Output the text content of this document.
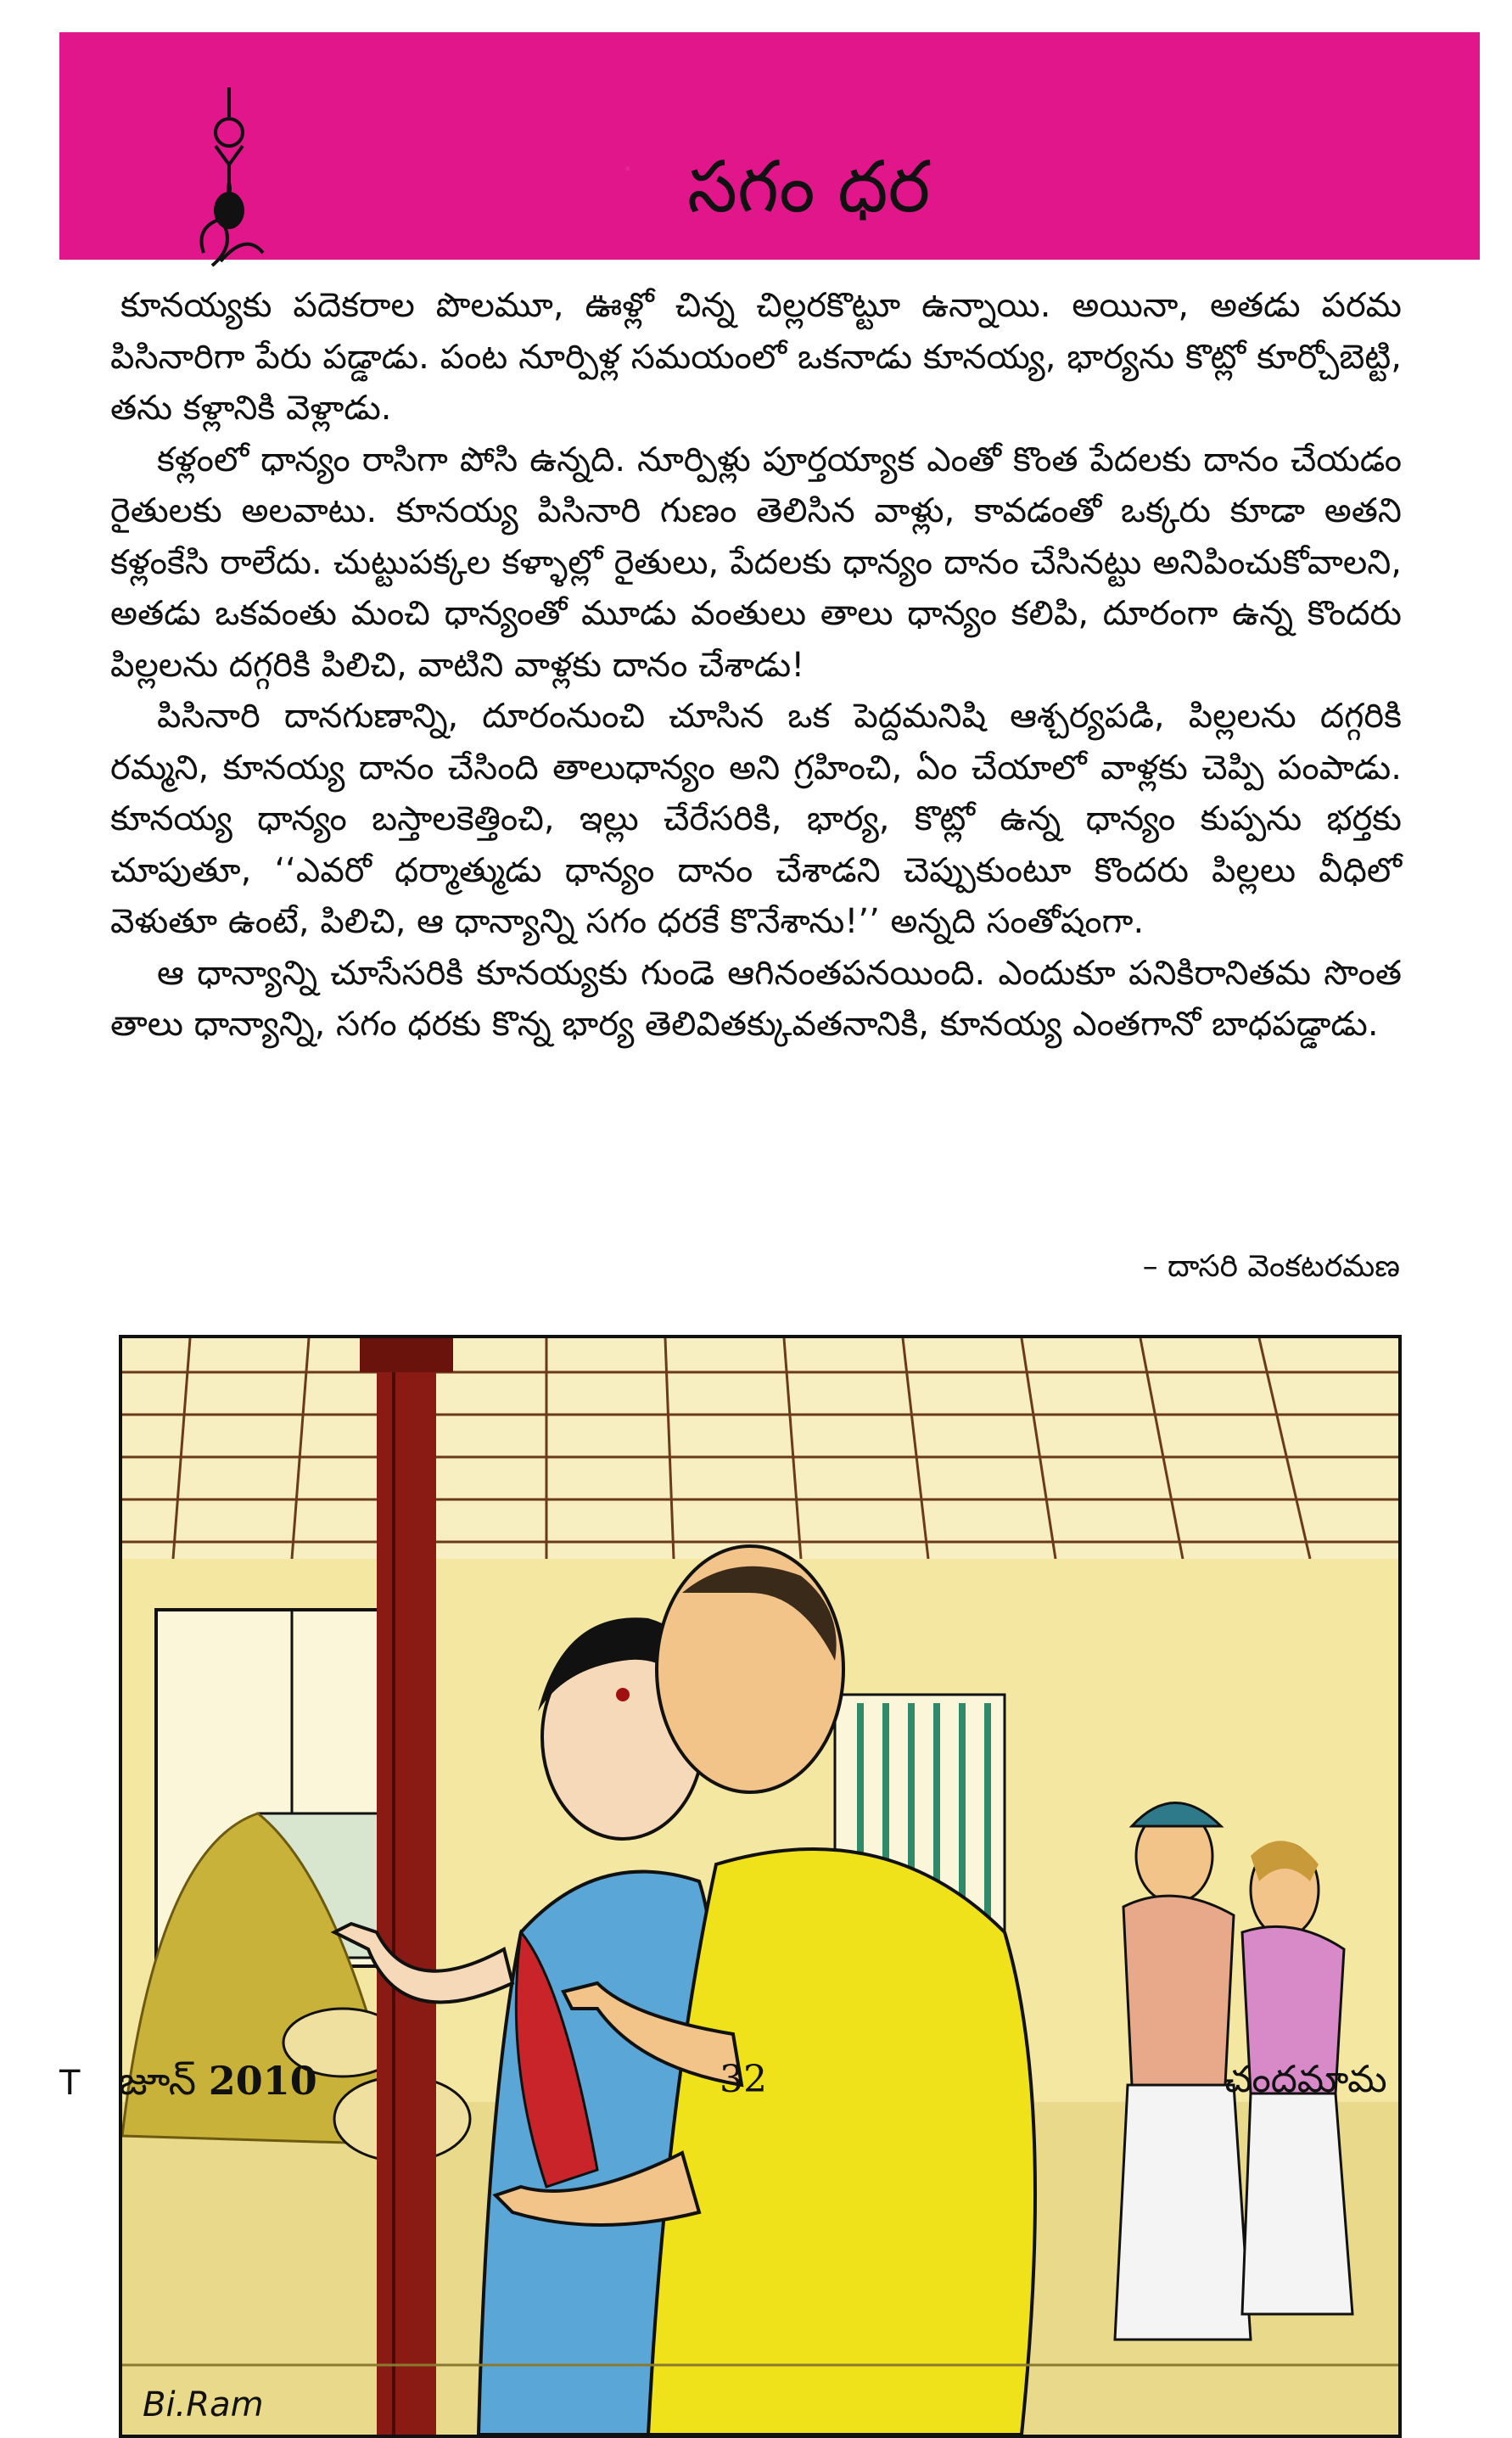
సగం ధర

కూనయ్యకు పదెకరాల పొలమూ, ఊళ్లో చిన్న చిల్లరకొట్టూ ఉన్నాయి. అయినా, అతడు పరమ పిసినారిగా పేరు పడ్డాడు. పంట నూర్పిళ్ల సమయంలో ఒకనాడు కూనయ్య, భార్యను కొట్లో కూర్చోబెట్టి, తను కళ్లానికి వెళ్లాడు.

కళ్లంలో ధాన్యం రాసిగా పోసి ఉన్నది. నూర్పిళ్లు పూర్తయ్యాక ఎంతో కొంత పేదలకు దానం చేయడం రైతులకు అలవాటు. కూనయ్య పిసినారి గుణం తెలిసిన వాళ్లు, కావడంతో ఒక్కరు కూడా అతని కళ్లంకేసి రాలేదు. చుట్టుపక్కల కళ్ళాల్లో రైతులు, పేదలకు ధాన్యం దానం చేసినట్టు అనిపించుకోవాలని, అతడు ఒకవంతు మంచి ధాన్యంతో మూడు వంతులు తాలు ధాన్యం కలిపి, దూరంగా ఉన్న కొందరు పిల్లలను దగ్గరికి పిలిచి, వాటిని వాళ్లకు దానం చేశాడు!

పిసినారి దానగుణాన్ని, దూరంనుంచి చూసిన ఒక పెద్దమనిషి ఆశ్చర్యపడి, పిల్లలను దగ్గరికి రమ్మని, కూనయ్య దానం చేసింది తాలుధాన్యం అని గ్రహించి, ఏం చేయాలో వాళ్లకు చెప్పి పంపాడు. కూనయ్య ధాన్యం బస్తాలకెత్తించి, ఇల్లు చేరేసరికి, భార్య, కొట్లో ఉన్న ధాన్యం కుప్పను భర్తకు చూపుతూ, ‘‘ఎవరో ధర్మాత్ముడు ధాన్యం దానం చేశాడని చెప్పుకుంటూ కొందరు పిల్లలు వీధిలో వెళుతూ ఉంటే, పిలిచి, ఆ ధాన్యాన్ని సగం ధరకే కొనేశాను!’’ అన్నది సంతోషంగా.

ఆ ధాన్యాన్ని చూసేసరికి కూనయ్యకు గుండె ఆగినంతపనయింది. ఎందుకూ పనికిరానితమ సొంత తాలు ధాన్యాన్ని, సగం ధరకు కొన్న భార్య తెలివితక్కువతనానికి, కూనయ్య ఎంతగానో బాధపడ్డాడు.

– దాసరి వెంకటరమణ
Bi.Ram
T జూన్ 2010	32	చందమామ
